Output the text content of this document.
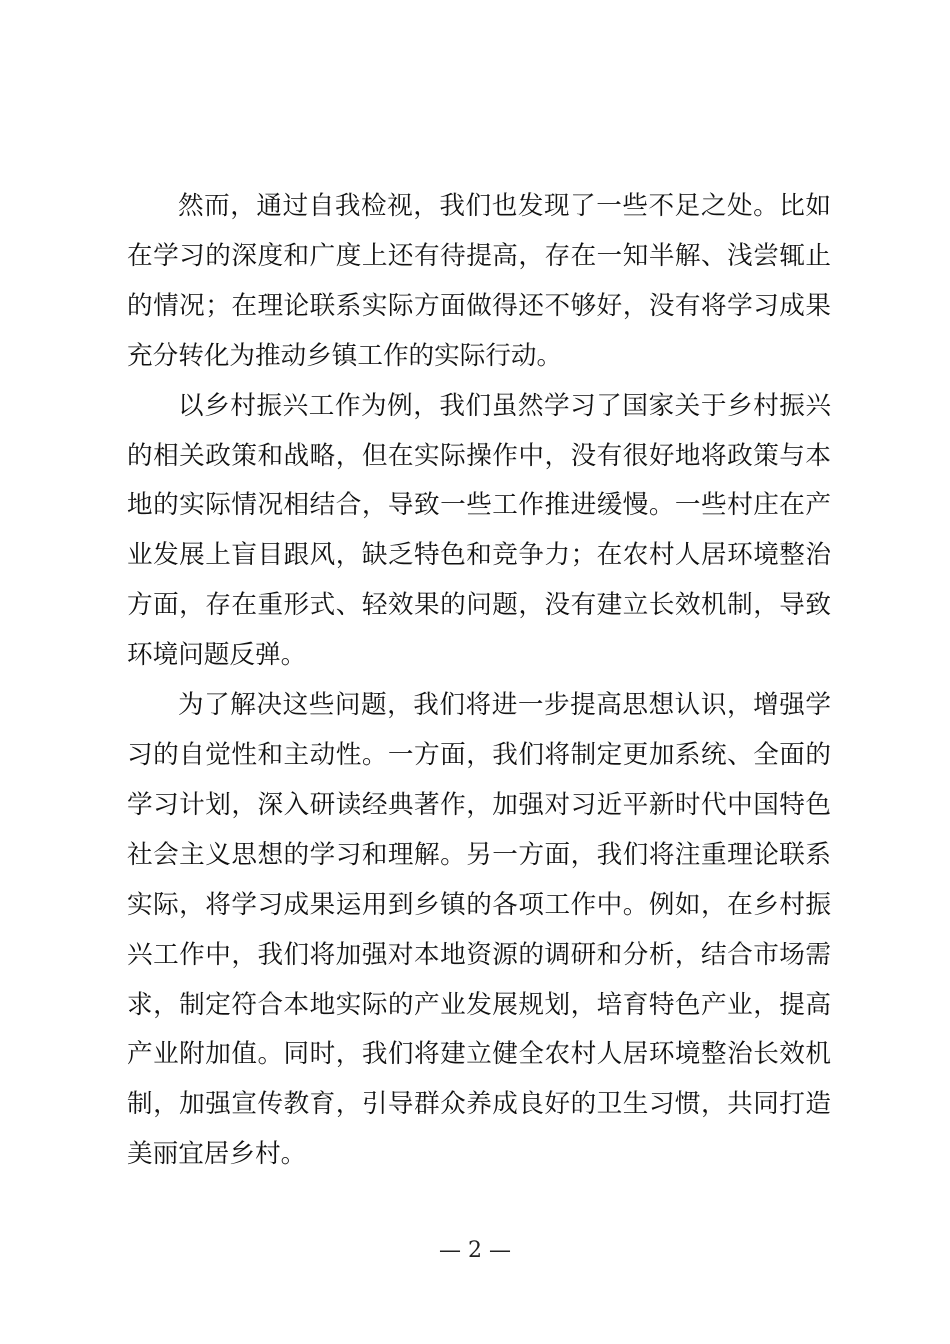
然而，通过自我检视，我们也发现了一些不足之处。比如在学习的深度和广度上还有待提高，存在一知半解、浅尝辄止的情况；在理论联系实际方面做得还不够好，没有将学习成果充分转化为推动乡镇工作的实际行动。

以乡村振兴工作为例，我们虽然学习了国家关于乡村振兴的相关政策和战略，但在实际操作中，没有很好地将政策与本地的实际情况相结合，导致一些工作推进缓慢。一些村庄在产业发展上盲目跟风，缺乏特色和竞争力；在农村人居环境整治方面，存在重形式、轻效果的问题，没有建立长效机制，导致环境问题反弹。

为了解决这些问题，我们将进一步提高思想认识，增强学习的自觉性和主动性。一方面，我们将制定更加系统、全面的学习计划，深入研读经典著作，加强对习近平新时代中国特色社会主义思想的学习和理解。另一方面，我们将注重理论联系实际，将学习成果运用到乡镇的各项工作中。例如，在乡村振兴工作中，我们将加强对本地资源的调研和分析，结合市场需求，制定符合本地实际的产业发展规划，培育特色产业，提高产业附加值。同时，我们将建立健全农村人居环境整治长效机制，加强宣传教育，引导群众养成良好的卫生习惯，共同打造美丽宜居乡村。

— 2 —
